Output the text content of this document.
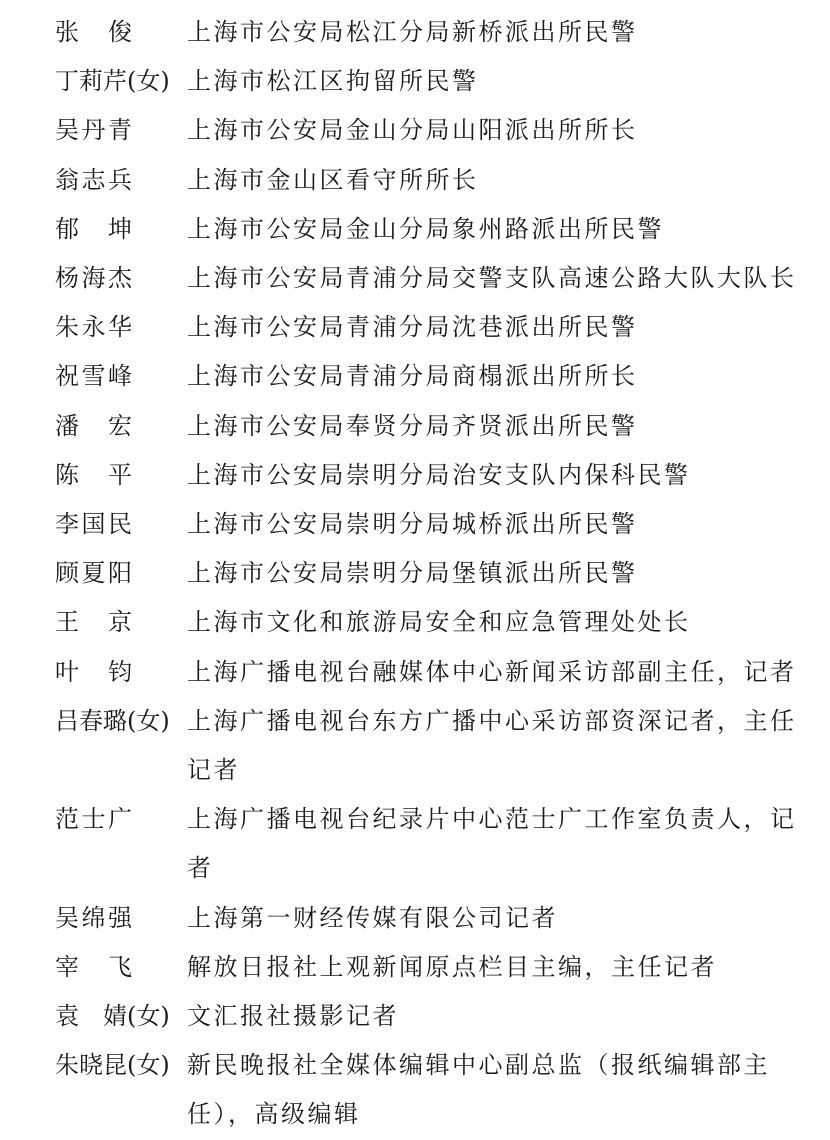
张　俊	上海市公安局松江分局新桥派出所民警
丁莉芹(女) 上海市松江区拘留所民警
吴丹青	上海市公安局金山分局山阳派出所所长
翁志兵	上海市金山区看守所所长
郁　坤	上海市公安局金山分局象州路派出所民警
杨海杰	上海市公安局青浦分局交警支队高速公路大队大队长
朱永华	上海市公安局青浦分局沈巷派出所民警
祝雪峰	上海市公安局青浦分局商榻派出所所长
潘　宏	上海市公安局奉贤分局齐贤派出所民警
陈　平	上海市公安局崇明分局治安支队内保科民警
李国民	上海市公安局崇明分局城桥派出所民警
顾夏阳	上海市公安局崇明分局堡镇派出所民警
王　京	上海市文化和旅游局安全和应急管理处处长
叶　钧	上海广播电视台融媒体中心新闻采访部副主任，记者
吕春璐(女) 上海广播电视台东方广播中心采访部资深记者，主任记者
范士广	上海广播电视台纪录片中心范士广工作室负责人，记者
吴绵强	上海第一财经传媒有限公司记者
宰　飞	解放日报社上观新闻原点栏目主编，主任记者
袁　婧(女) 文汇报社摄影记者
朱晓昆(女) 新民晚报社全媒体编辑中心副总监（报纸编辑部主任），高级编辑
